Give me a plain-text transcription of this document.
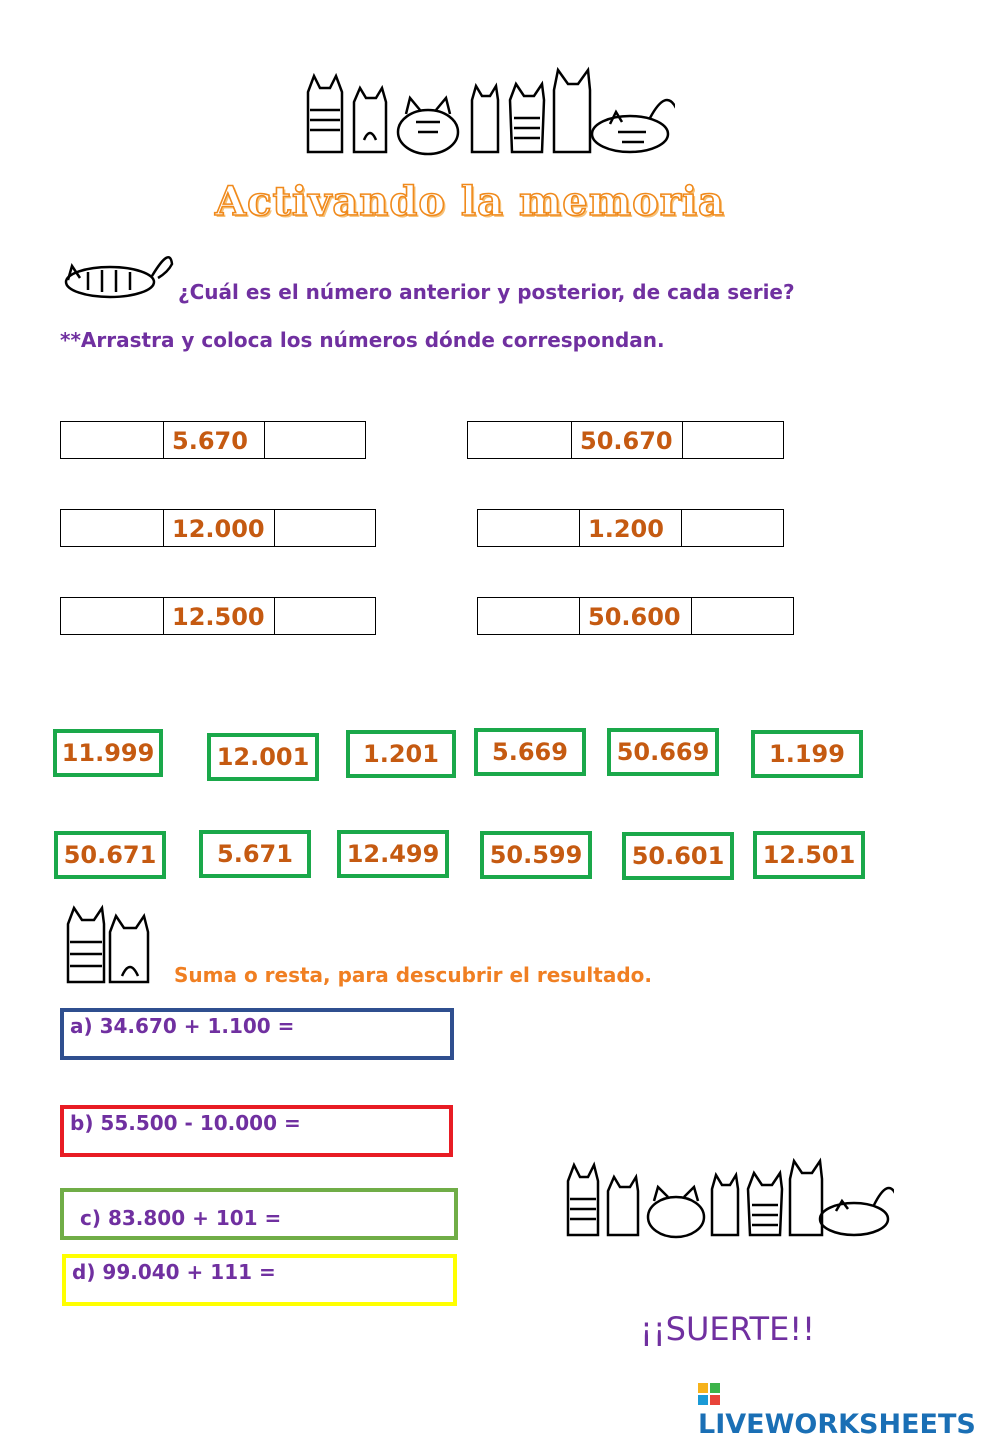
Activando la memoria
¿Cuál es el número anterior y posterior, de cada serie?
**Arrastra y coloca los números dónde correspondan.
5.670	50.670
12.000	1.200
12.500	50.600
11.999	12.001	1.201	5.669	50.669	1.199
50.671	5.671	12.499	50.599	50.601	12.501
Suma o resta, para descubrir el resultado.
a) 34.670 + 1.100 =
b) 55.500 - 10.000 =
c) 83.800 + 101 =
d) 99.040 + 111 =
¡¡SUERTE!!
LIVEWORKSHEETS
